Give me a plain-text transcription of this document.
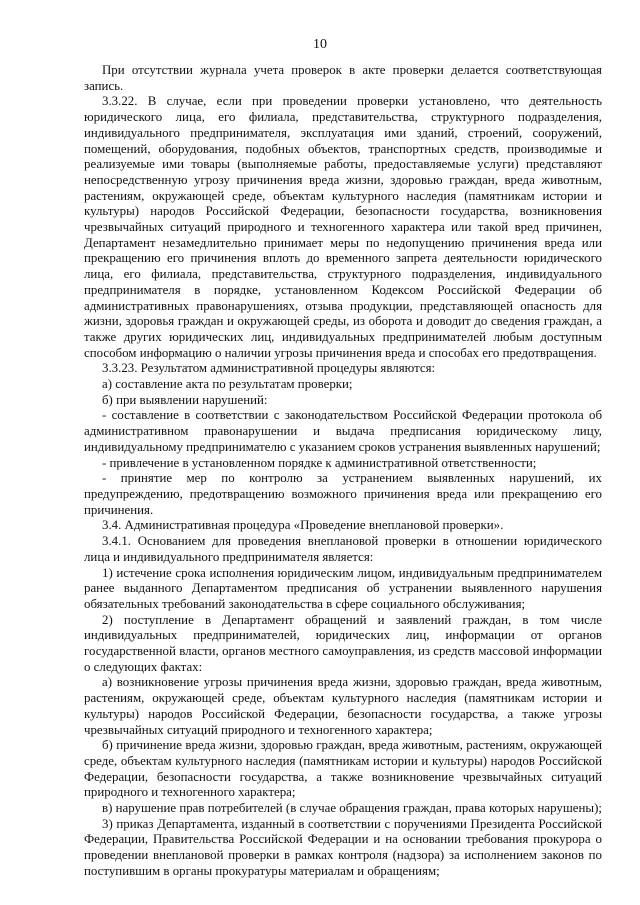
10

При отсутствии журнала учета проверок в акте проверки делается соответствующая запись.

3.3.22. В случае, если при проведении проверки установлено, что деятельность юридического лица, его филиала, представительства, структурного подразделения, индивидуального предпринимателя, эксплуатация ими зданий, строений, сооружений, помещений, оборудования, подобных объектов, транспортных средств, производимые и реализуемые ими товары (выполняемые работы, предоставляемые услуги) представляют непосредственную угрозу причинения вреда жизни, здоровью граждан, вреда животным, растениям, окружающей среде, объектам культурного наследия (памятникам истории и культуры) народов Российской Федерации, безопасности государства, возникновения чрезвычайных ситуаций природного и техногенного характера или такой вред причинен, Департамент незамедлительно принимает меры по недопущению причинения вреда или прекращению его причинения вплоть до временного запрета деятельности юридического лица, его филиала, представительства, структурного подразделения, индивидуального предпринимателя в порядке, установленном Кодексом Российской Федерации об административных правонарушениях, отзыва продукции, представляющей опасность для жизни, здоровья граждан и окружающей среды, из оборота и доводит до сведения граждан, а также других юридических лиц, индивидуальных предпринимателей любым доступным способом информацию о наличии угрозы причинения вреда и способах его предотвращения.

3.3.23. Результатом административной процедуры являются:

а) составление акта по результатам проверки;

б) при выявлении нарушений:

- составление в соответствии с законодательством Российской Федерации протокола об административном правонарушении и выдача предписания юридическому лицу, индивидуальному предпринимателю с указанием сроков устранения выявленных нарушений;

- привлечение в установленном порядке к административной ответственности;

- принятие мер по контролю за устранением выявленных нарушений, их предупреждению, предотвращению возможного причинения вреда или прекращению его причинения.

3.4. Административная процедура «Проведение внеплановой проверки».

3.4.1. Основанием для проведения внеплановой проверки в отношении юридического лица и индивидуального предпринимателя является:

1) истечение срока исполнения юридическим лицом, индивидуальным предпринимателем ранее выданного Департаментом предписания об устранении выявленного нарушения обязательных требований законодательства в сфере социального обслуживания;

2) поступление в Департамент обращений и заявлений граждан, в том числе индивидуальных предпринимателей, юридических лиц, информации от органов государственной власти, органов местного самоуправления, из средств массовой информации о следующих фактах:

а) возникновение угрозы причинения вреда жизни, здоровью граждан, вреда животным, растениям, окружающей среде, объектам культурного наследия (памятникам истории и культуры) народов Российской Федерации, безопасности государства, а также угрозы чрезвычайных ситуаций природного и техногенного характера;

б) причинение вреда жизни, здоровью граждан, вреда животным, растениям, окружающей среде, объектам культурного наследия (памятникам истории и культуры) народов Российской Федерации, безопасности государства, а также возникновение чрезвычайных ситуаций природного и техногенного характера;

в) нарушение прав потребителей (в случае обращения граждан, права которых нарушены);

3) приказ Департамента, изданный в соответствии с поручениями Президента Российской Федерации, Правительства Российской Федерации и на основании требования прокурора о проведении внеплановой проверки в рамках контроля (надзора) за исполнением законов по поступившим в органы прокуратуры материалам и обращениям;
